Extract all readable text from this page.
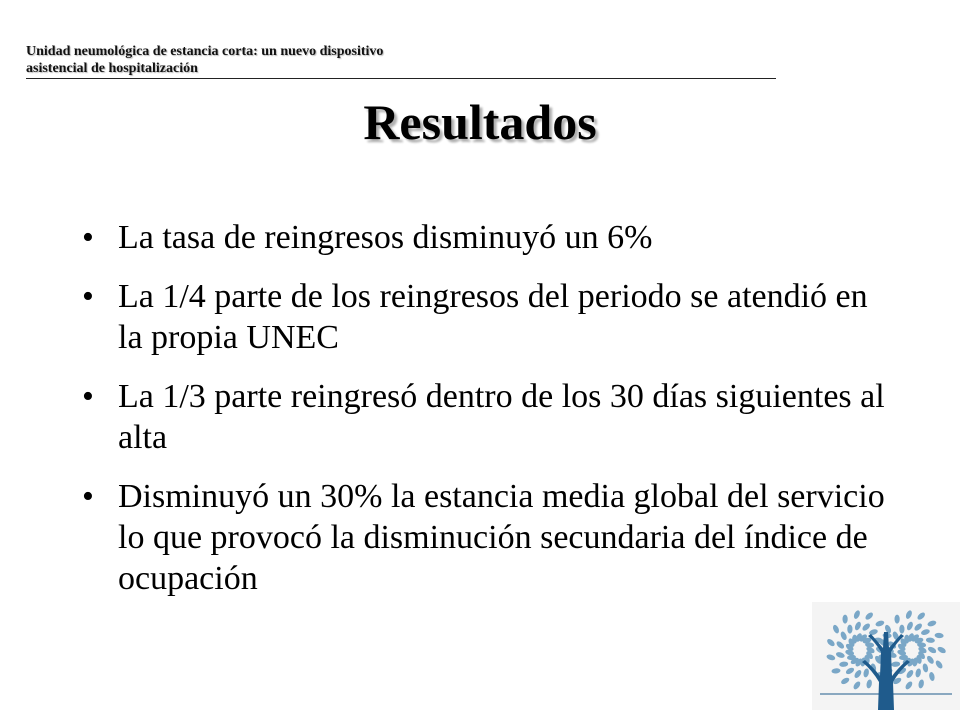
Unidad neumológica de estancia corta: un nuevo dispositivo
asistencial de hospitalización
Resultados
• La tasa de reingresos disminuyó un 6%
• La 1/4 parte de los reingresos del periodo se atendió en la propia UNEC
• La 1/3 parte reingresó dentro de los 30 días siguientes al alta
• Disminuyó un 30% la estancia media global del servicio lo que provocó la disminución secundaria del índice de ocupación
